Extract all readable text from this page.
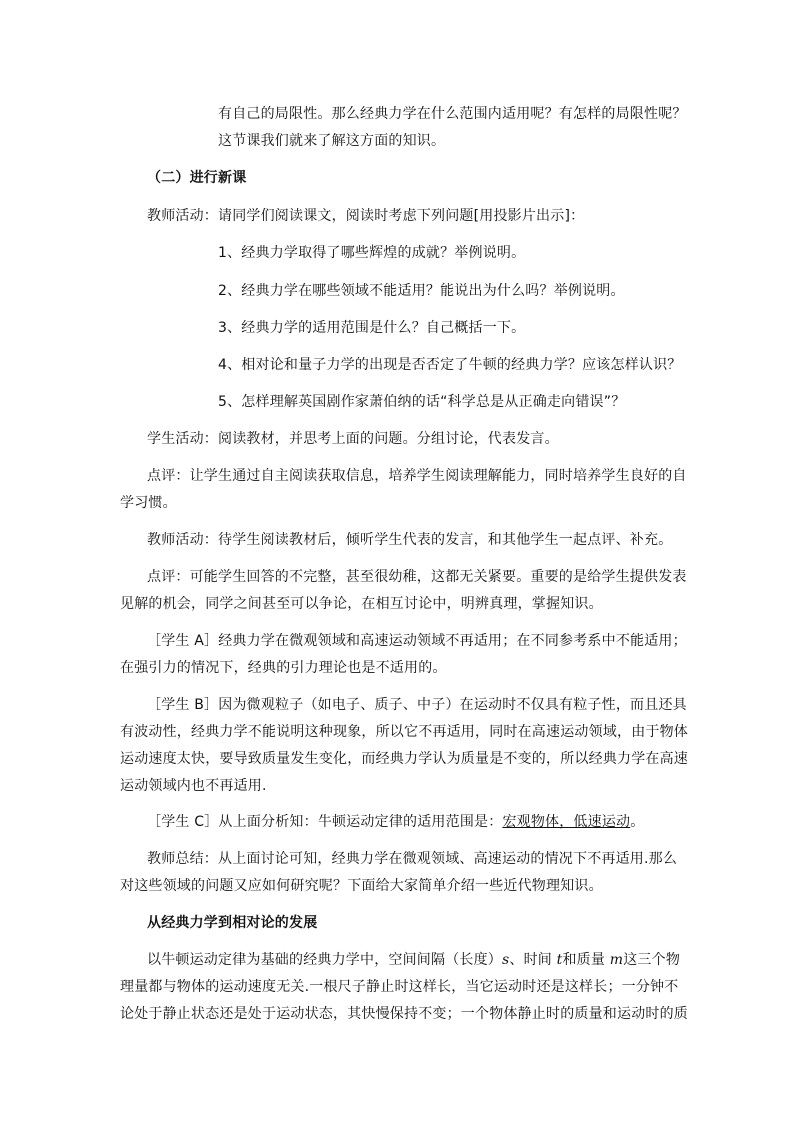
有自己的局限性。那么经典力学在什么范围内适用呢？有怎样的局限性呢？
这节课我们就来了解这方面的知识。
（二）进行新课
教师活动：请同学们阅读课文，阅读时考虑下列问题[用投影片出示]：
1、经典力学取得了哪些辉煌的成就？举例说明。
2、经典力学在哪些领域不能适用？能说出为什么吗？举例说明。
3、经典力学的适用范围是什么？自己概括一下。
4、相对论和量子力学的出现是否否定了牛顿的经典力学？应该怎样认识？
5、怎样理解英国剧作家萧伯纳的话“科学总是从正确走向错误”？
学生活动：阅读教材，并思考上面的问题。分组讨论，代表发言。
点评：让学生通过自主阅读获取信息，培养学生阅读理解能力，同时培养学生良好的自
学习惯。
教师活动：待学生阅读教材后，倾听学生代表的发言，和其他学生一起点评、补充。
点评：可能学生回答的不完整，甚至很幼稚，这都无关紧要。重要的是给学生提供发表
见解的机会，同学之间甚至可以争论，在相互讨论中，明辨真理，掌握知识。
［学生 A］经典力学在微观领域和高速运动领域不再适用；在不同参考系中不能适用；
在强引力的情况下，经典的引力理论也是不适用的。
［学生 B］因为微观粒子（如电子、质子、中子）在运动时不仅具有粒子性，而且还具
有波动性，经典力学不能说明这种现象，所以它不再适用，同时在高速运动领域，由于物体
运动速度太快，要导致质量发生变化，而经典力学认为质量是不变的，所以经典力学在高速
运动领域内也不再适用.
［学生 C］从上面分析知：牛顿运动定律的适用范围是：宏观物体，低速运动。
教师总结：从上面讨论可知，经典力学在微观领域、高速运动的情况下不再适用.那么
对这些领域的问题又应如何研究呢？下面给大家简单介绍一些近代物理知识。
从经典力学到相对论的发展
以牛顿运动定律为基础的经典力学中，空间间隔（长度）s、时间 t和质量 m这三个物
理量都与物体的运动速度无关.一根尺子静止时这样长，当它运动时还是这样长；一分钟不
论处于静止状态还是处于运动状态，其快慢保持不变；一个物体静止时的质量和运动时的质
